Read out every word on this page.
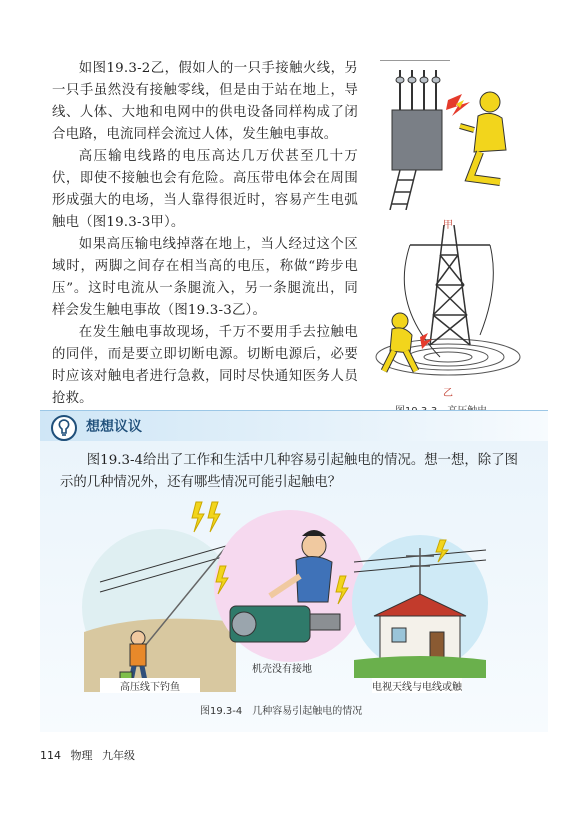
如图19.3-2乙，假如人的一只手接触火线，另一只手虽然没有接触零线，但是由于站在地上，导线、人体、大地和电网中的供电设备同样构成了闭合电路，电流同样会流过人体，发生触电事故。

高压输电线路的电压高达几万伏甚至几十万伏，即使不接触也会有危险。高压带电体会在周围形成强大的电场，当人靠得很近时，容易产生电弧触电（图19.3-3甲）。

如果高压输电线掉落在地上，当人经过这个区域时，两脚之间存在相当高的电压，称做“跨步电压”。这时电流从一条腿流入，另一条腿流出，同样会发生触电事故（图19.3-3乙）。

在发生触电事故现场，千万不要用手去拉触电的同伴，而是要立即切断电源。切断电源后，必要时应该对触电者进行急救，同时尽快通知医务人员抢救。

甲
乙
想想议议

图19.3-4给出了工作和生活中几种容易引起触电的情况。想一想，除了图示的几种情况外，还有哪些情况可能引起触电？

高压线下钓鱼
机壳没有接地
电视天线与电线或触
图19.3-4　几种容易引起触电的情况
114 物理 九年级
